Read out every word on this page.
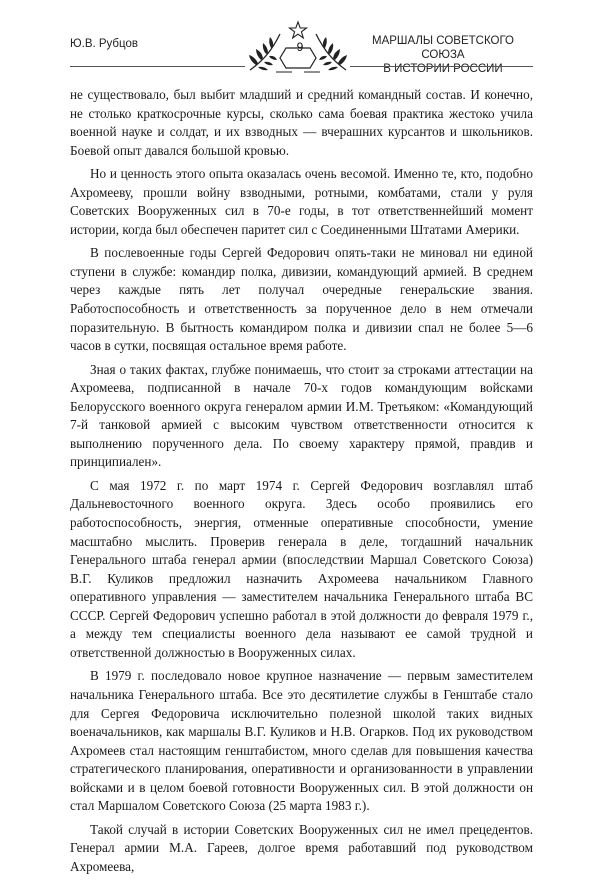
Ю.В. Рубцов	9	МАРШАЛЫ СОВЕТСКОГО СОЮЗА
В ИСТОРИИ РОССИИ

не существовало, был выбит младший и средний командный состав. И конечно, не столько краткосрочные курсы, сколько сама боевая практика жестоко учила военной науке и солдат, и их взводных — вчерашних курсантов и школьников. Боевой опыт давался большой кровью.

Но и ценность этого опыта оказалась очень весомой. Именно те, кто, подобно Ахромееву, прошли войну взводными, ротными, комбатами, стали у руля Советских Вооруженных сил в 70-е годы, в тот ответственнейший момент истории, когда был обеспечен паритет сил с Соединенными Штатами Америки.

В послевоенные годы Сергей Федорович опять-таки не миновал ни единой ступени в службе: командир полка, дивизии, командующий армией. В среднем через каждые пять лет получал очередные генеральские звания. Работоспособность и ответственность за порученное дело в нем отмечали поразительную. В бытность командиром полка и дивизии спал не более 5—6 часов в сутки, посвящая остальное время работе.

Зная о таких фактах, глубже понимаешь, что стоит за строками аттестации на Ахромеева, подписанной в начале 70-х годов командующим войсками Белорусского военного округа генералом армии И.М. Третьяком: «Командующий 7-й танковой армией с высоким чувством ответственности относится к выполнению порученного дела. По своему характеру прямой, правдив и принципиален».

С мая 1972 г. по март 1974 г. Сергей Федорович возглавлял штаб Дальневосточного военного округа. Здесь особо проявились его работоспособность, энергия, отменные оперативные способности, умение масштабно мыслить. Проверив генерала в деле, тогдашний начальник Генерального штаба генерал армии (впоследствии Маршал Советского Союза) В.Г. Куликов предложил назначить Ахромеева начальником Главного оперативного управления — заместителем начальника Генерального штаба ВС СССР. Сергей Федорович успешно работал в этой должности до февраля 1979 г., а между тем специалисты военного дела называют ее самой трудной и ответственной должностью в Вооруженных силах.

В 1979 г. последовало новое крупное назначение — первым заместителем начальника Генерального штаба. Все это десятилетие службы в Генштабе стало для Сергея Федоровича исключительно полезной школой таких видных военачальников, как маршалы В.Г. Куликов и Н.В. Огарков. Под их руководством Ахромеев стал настоящим генштабистом, много сделав для повышения качества стратегического планирования, оперативности и организованности в управлении войсками и в целом боевой готовности Вооруженных сил. В этой должности он стал Маршалом Советского Союза (25 марта 1983 г.).

Такой случай в истории Советских Вооруженных сил не имел прецедентов. Генерал армии М.А. Гареев, долгое время работавший под руководством Ахромеева,
